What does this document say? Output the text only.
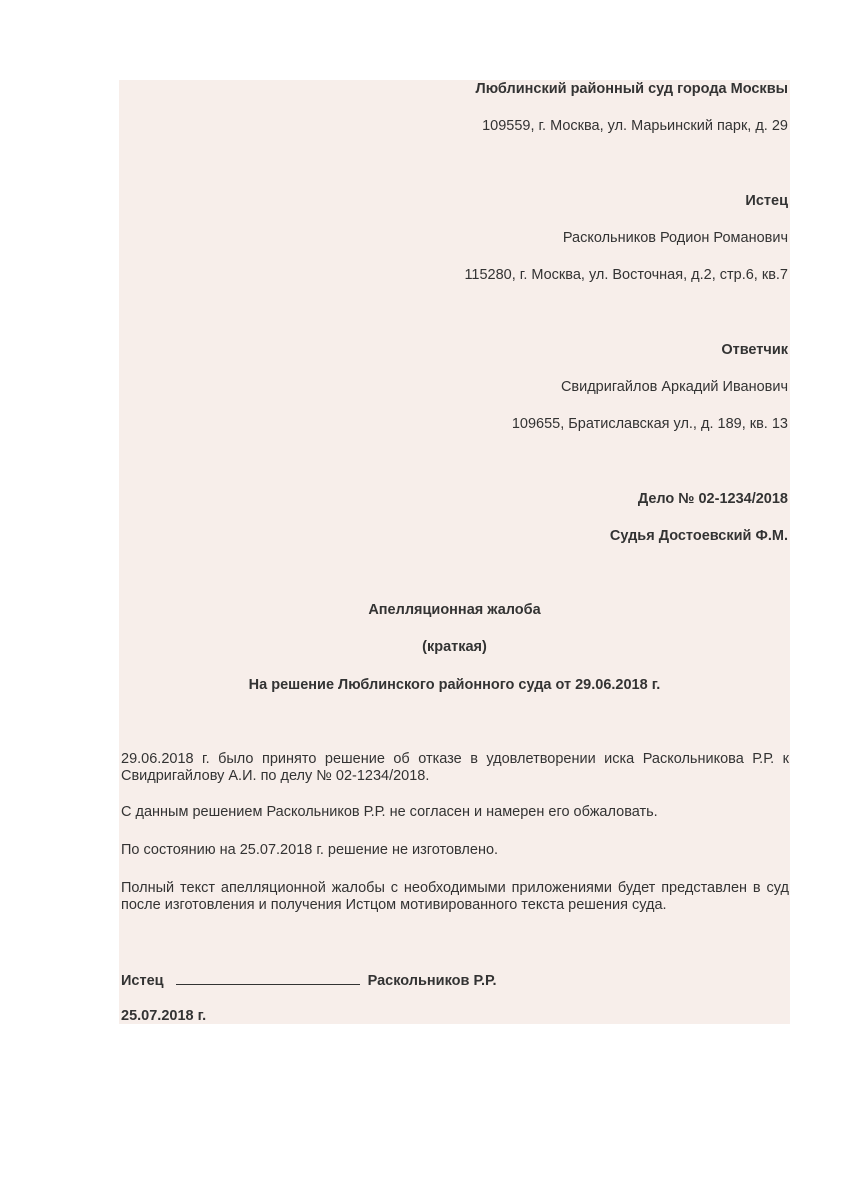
Люблинский районный суд города Москвы
109559, г. Москва, ул. Марьинский парк, д. 29
Истец
Раскольников Родион Романович
115280, г. Москва, ул. Восточная, д.2, стр.6, кв.7
Ответчик
Свидригайлов Аркадий Иванович
109655, Братиславская ул., д. 189, кв. 13
Дело № 02-1234/2018
Судья Достоевский Ф.М.
Апелляционная жалоба
(краткая)
На решение Люблинского районного суда от 29.06.2018 г.
29.06.2018 г. было принято решение об отказе в удовлетворении иска Раскольникова Р.Р. к Свидригайлову А.И. по делу № 02-1234/2018.
С данным решением Раскольников Р.Р. не согласен и намерен его обжаловать.
По состоянию на 25.07.2018 г. решение не изготовлено.
Полный текст апелляционной жалобы с необходимыми приложениями будет представлен в суд после изготовления и получения Истцом мотивированного текста решения суда.
Истец	Раскольников Р.Р.
25.07.2018 г.
